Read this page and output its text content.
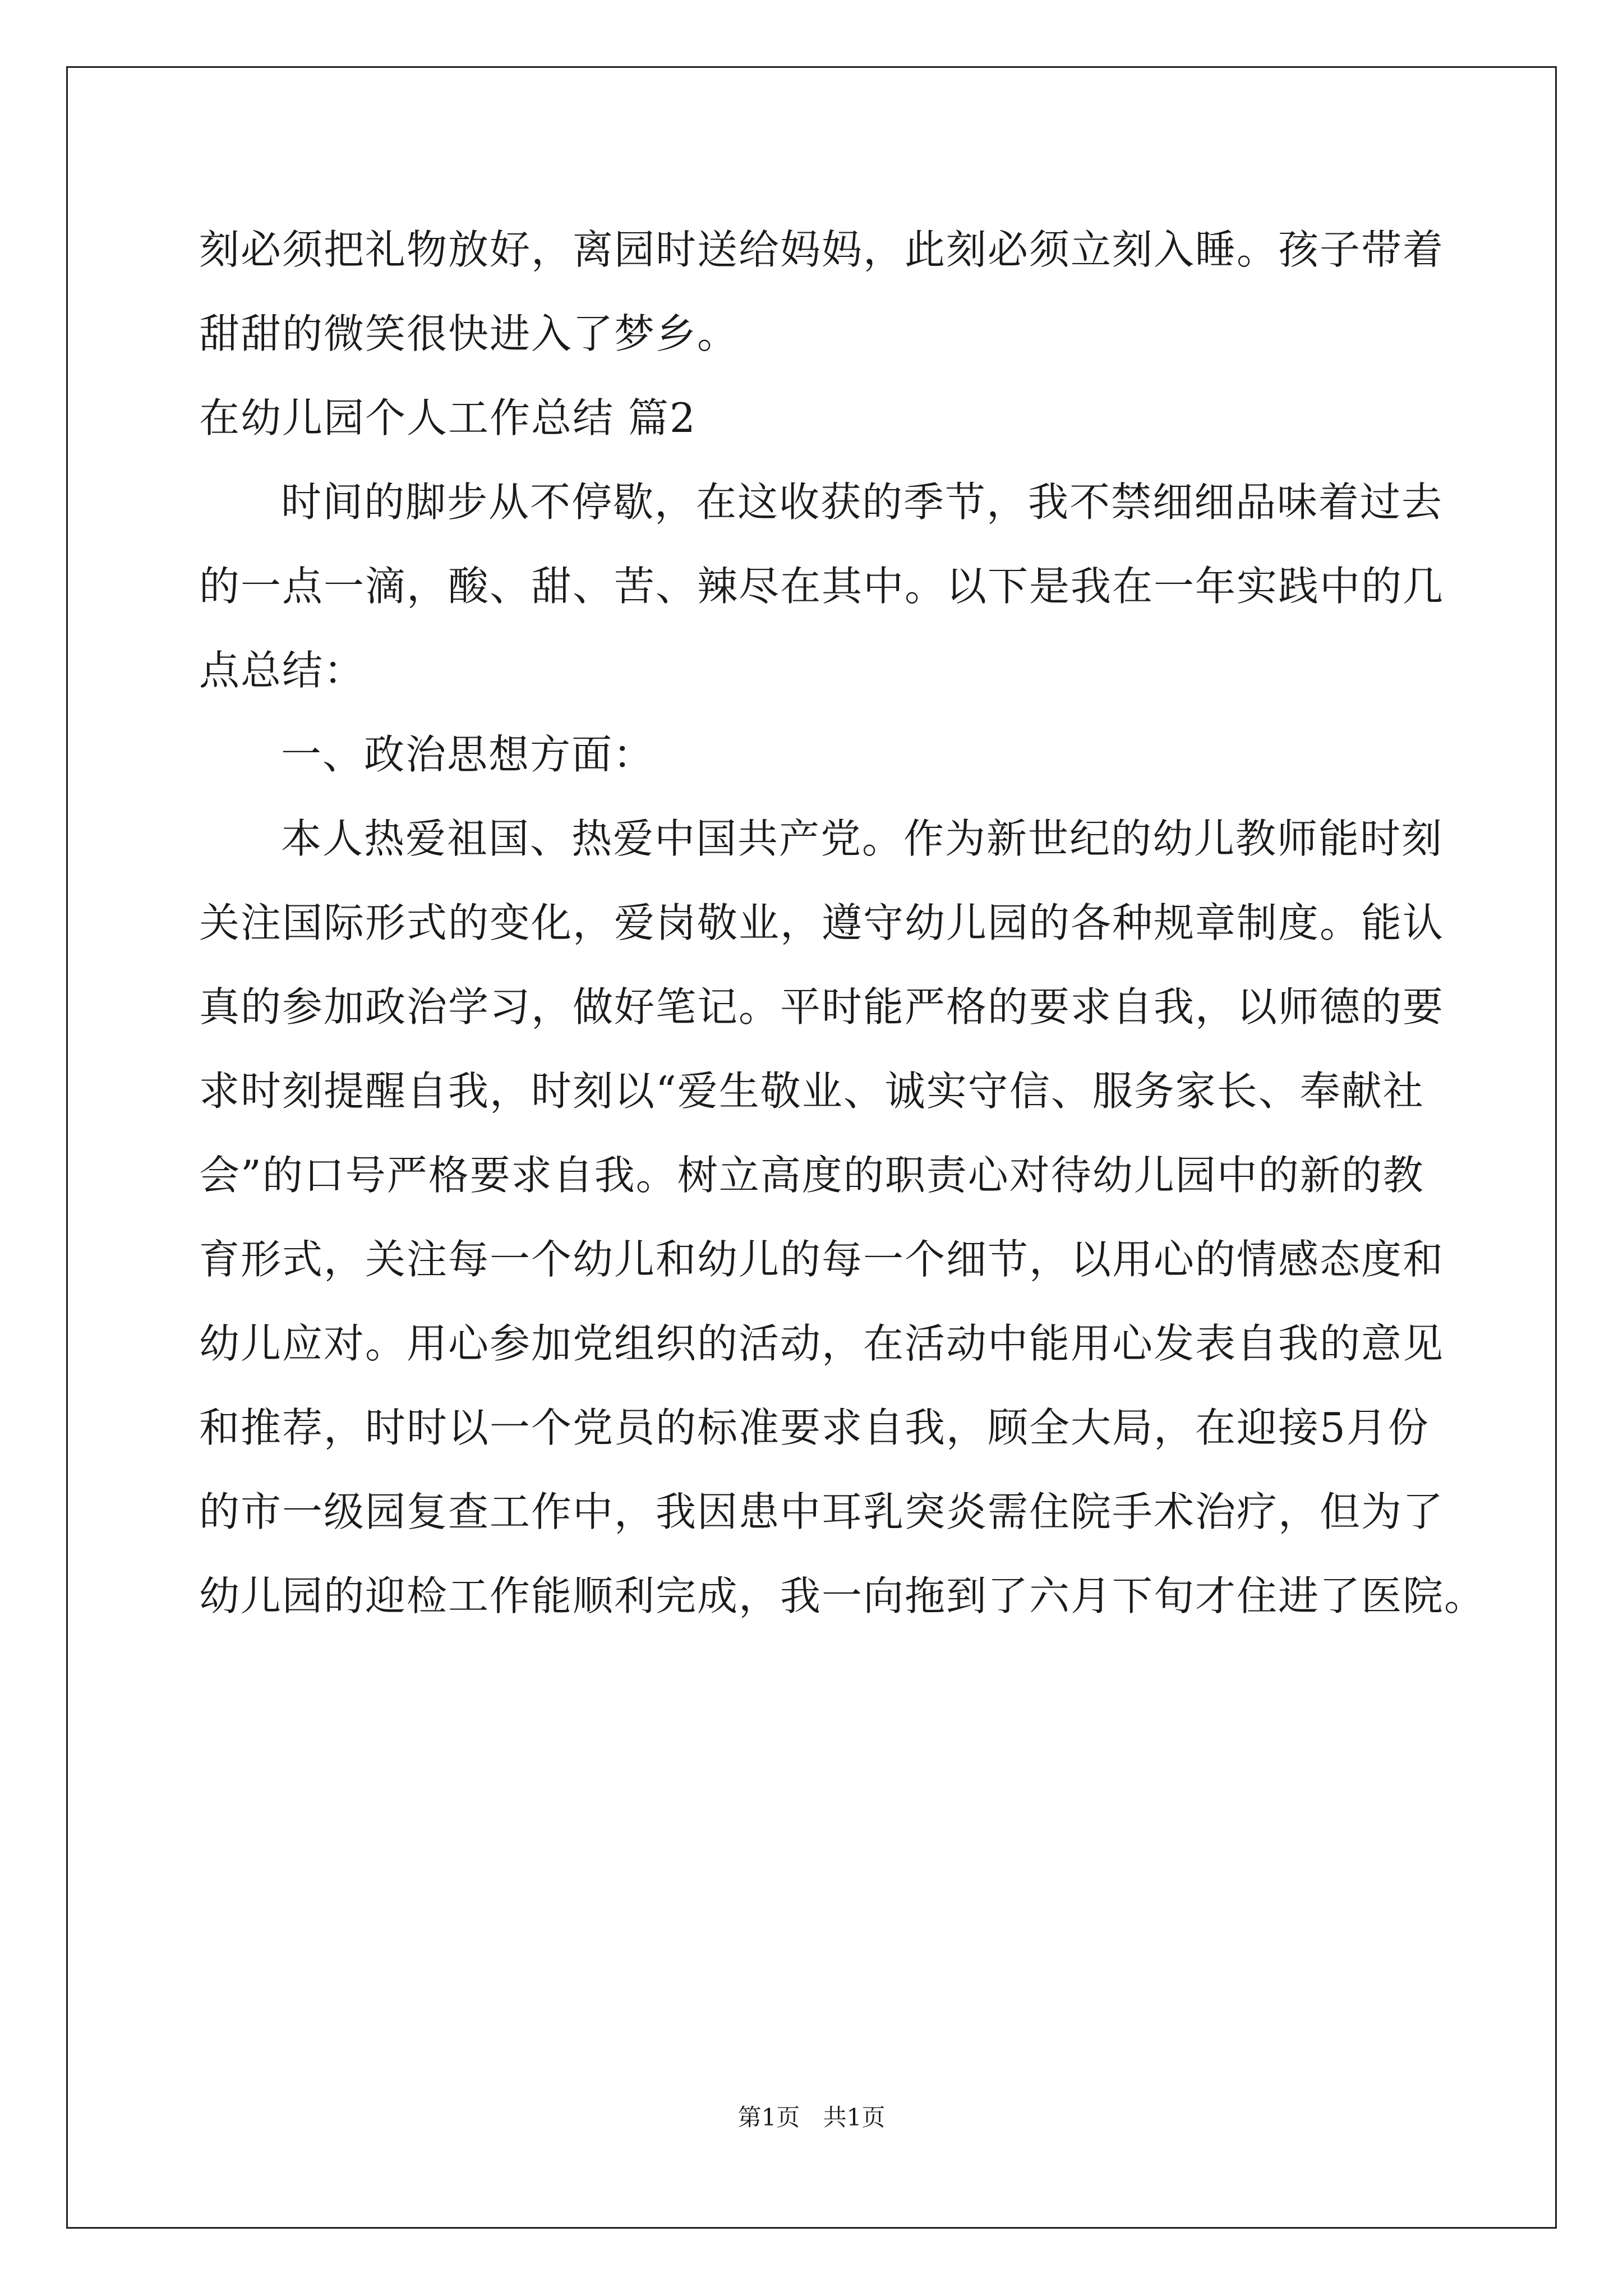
刻必须把礼物放好，离园时送给妈妈，此刻必须立刻入睡。孩子带着
甜甜的微笑很快进入了梦乡。
在幼儿园个人工作总结 篇2
时间的脚步从不停歇，在这收获的季节，我不禁细细品味着过去
的一点一滴，酸、甜、苦、辣尽在其中。以下是我在一年实践中的几
点总结：
一、政治思想方面：
本人热爱祖国、热爱中国共产党。作为新世纪的幼儿教师能时刻
关注国际形式的变化，爱岗敬业，遵守幼儿园的各种规章制度。能认
真的参加政治学习，做好笔记。平时能严格的要求自我，以师德的要
求时刻提醒自我，时刻以“爱生敬业、诚实守信、服务家长、奉献社
会”的口号严格要求自我。树立高度的职责心对待幼儿园中的新的教
育形式，关注每一个幼儿和幼儿的每一个细节，以用心的情感态度和
幼儿应对。用心参加党组织的活动，在活动中能用心发表自我的意见
和推荐，时时以一个党员的标准要求自我，顾全大局，在迎接5月份
的市一级园复查工作中，我因患中耳乳突炎需住院手术治疗，但为了
幼儿园的迎检工作能顺利完成，我一向拖到了六月下旬才住进了医院。
第1页 共1页
